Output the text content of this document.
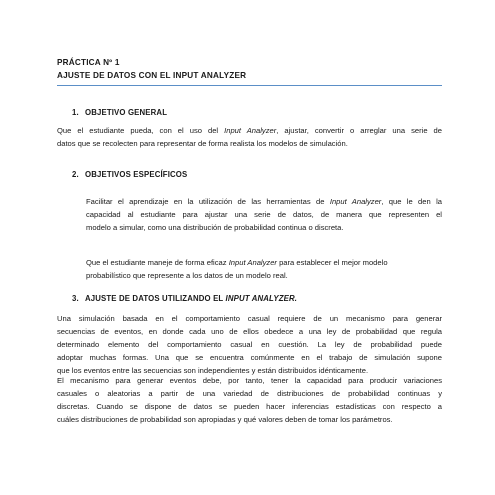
PRÁCTICA Nº 1
AJUSTE DE DATOS CON EL INPUT ANALYZER
1. OBJETIVO GENERAL
Que el estudiante pueda, con el uso del Input Analyzer, ajustar, convertir o arreglar una serie de
datos que se recolecten para representar de forma realista los modelos de simulación.
2. OBJETIVOS ESPECÍFICOS
Facilitar el aprendizaje en la utilización de las herramientas de Input Analyzer, que le den la
capacidad al estudiante para ajustar una serie de datos, de manera que representen el
modelo a simular, como una distribución de probabilidad continua o discreta.
Que el estudiante maneje de forma eficaz Input Analyzer para establecer el mejor modelo
probabilístico que represente a los datos de un modelo real.
3. AJUSTE DE DATOS UTILIZANDO EL INPUT ANALYZER.
Una simulación basada en el comportamiento casual requiere de un mecanismo para generar
secuencias de eventos, en donde cada uno de ellos obedece a una ley de probabilidad que regula
determinado elemento del comportamiento casual en cuestión. La ley de probabilidad puede
adoptar muchas formas. Una que se encuentra comúnmente en el trabajo de simulación supone
que los eventos entre las secuencias son independientes y están distribuidos idénticamente.
El mecanismo para generar eventos debe, por tanto, tener la capacidad para producir variaciones
casuales o aleatorias a partir de una variedad de distribuciones de probabilidad continuas y
discretas. Cuando se dispone de datos se pueden hacer inferencias estadísticas con respecto a
cuáles distribuciones de probabilidad son apropiadas y qué valores deben de tomar los parámetros.
